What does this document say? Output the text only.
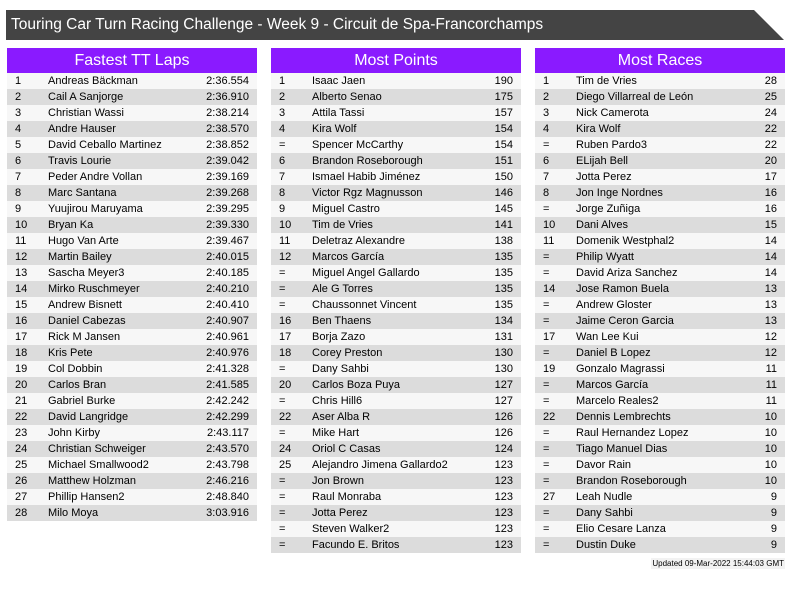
Touring Car Turn Racing Challenge - Week 9 - Circuit de Spa-Francorchamps
Fastest TT Laps
1 Andreas Bäckman	2:36.554
2 Cail A Sanjorge	2:36.910
3 Christian Wassi	2:38.214
4 Andre Hauser	2:38.570
5 David Ceballo Martinez	2:38.852
6 Travis Lourie	2:39.042
7 Peder Andre Vollan	2:39.169
8 Marc Santana	2:39.268
9 Yuujirou Maruyama	2:39.295
10 Bryan Ka	2:39.330
11 Hugo Van Arte	2:39.467
12 Martin Bailey	2:40.015
13 Sascha Meyer3	2:40.185
14 Mirko Ruschmeyer	2:40.210
15 Andrew Bisnett	2:40.410
16 Daniel Cabezas	2:40.907
17 Rick M Jansen	2:40.961
18 Kris Pete	2:40.976
19 Col Dobbin	2:41.328
20 Carlos Bran	2:41.585
21 Gabriel Burke	2:42.242
22 David Langridge	2:42.299
23 John Kirby	2:43.117
24 Christian Schweiger	2:43.570
25 Michael Smallwood2	2:43.798
26 Matthew Holzman	2:46.216
27 Phillip Hansen2	2:48.840
28 Milo Moya	3:03.916
Most Points
1 Isaac Jaen	190
2 Alberto Senao	175
3 Attila Tassi	157
4 Kira Wolf	154
= Spencer McCarthy	154
6 Brandon Roseborough	151
7 Ismael Habib Jiménez	150
8 Victor Rgz Magnusson	146
9 Miguel Castro	145
10 Tim de Vries	141
11 Deletraz Alexandre	138
12 Marcos García	135
= Miguel Angel Gallardo	135
= Ale G Torres	135
= Chaussonnet Vincent	135
16 Ben Thaens	134
17 Borja Zazo	131
18 Corey Preston	130
= Dany Sahbi	130
20 Carlos Boza Puya	127
= Chris Hill6	127
22 Aser Alba R	126
= Mike Hart	126
24 Oriol C Casas	124
25 Alejandro Jimena Gallardo2	123
= Jon Brown	123
= Raul Monraba	123
= Jotta Perez	123
= Steven Walker2	123
= Facundo E. Britos	123
Most Races
1 Tim de Vries	28
2 Diego Villarreal de León	25
3 Nick Camerota	24
4 Kira Wolf	22
= Ruben Pardo3	22
6 ELijah Bell	20
7 Jotta Perez	17
8 Jon Inge Nordnes	16
= Jorge Zuñiga	16
10 Dani Alves	15
11 Domenik Westphal2	14
= Philip Wyatt	14
= David Ariza Sanchez	14
14 Jose Ramon Buela	13
= Andrew Gloster	13
= Jaime Ceron Garcia	13
17 Wan Lee Kui	12
= Daniel B Lopez	12
19 Gonzalo Magrassi	11
= Marcos García	11
= Marcelo Reales2	11
22 Dennis Lembrechts	10
= Raul Hernandez Lopez	10
= Tiago Manuel Dias	10
= Davor Rain	10
= Brandon Roseborough	10
27 Leah Nudle	9
= Dany Sahbi	9
= Elio Cesare Lanza	9
= Dustin Duke	9
Updated 09-Mar-2022 15:44:03 GMT
